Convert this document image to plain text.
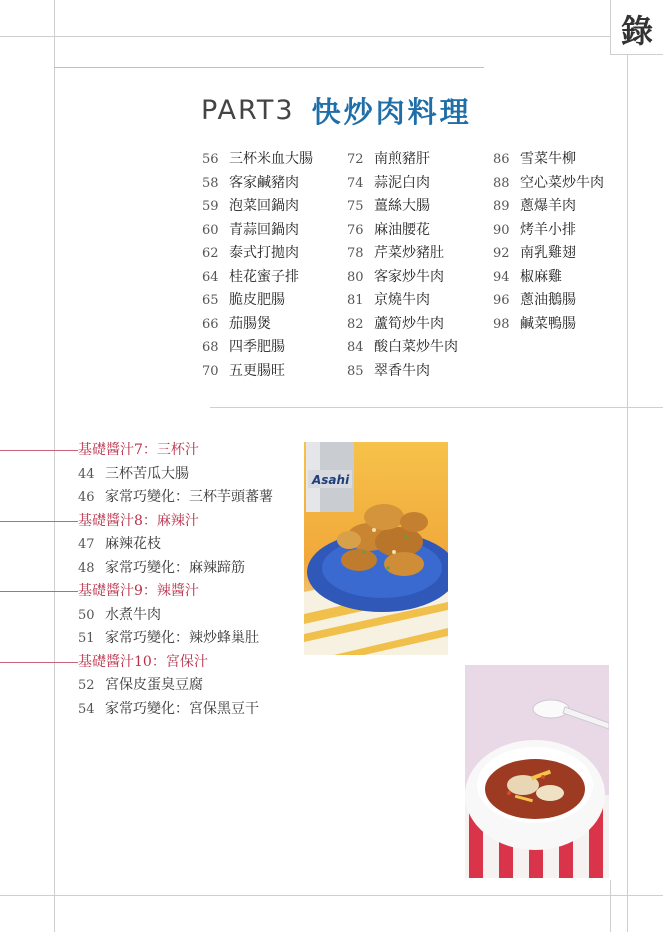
錄
PART3 快炒肉料理
56 三杯米血大腸
58 客家鹹豬肉
59 泡菜回鍋肉
60 青蒜回鍋肉
62 泰式打拋肉
64 桂花蜜子排
65 脆皮肥腸
66 茄腸煲
68 四季肥腸
70 五更腸旺
72 南煎豬肝
74 蒜泥白肉
75 薑絲大腸
76 麻油腰花
78 芹菜炒豬肚
80 客家炒牛肉
81 京燒牛肉
82 蘆筍炒牛肉
84 酸白菜炒牛肉
85 翠香牛肉
86 雪菜牛柳
88 空心菜炒牛肉
89 蔥爆羊肉
90 烤羊小排
92 南乳雞翅
94 椒麻雞
96 蔥油鵝腸
98 鹹菜鴨腸
基礎醬汁7：三杯汁
44 三杯苦瓜大腸
46 家常巧變化：三杯芋頭蕃薯
基礎醬汁8：麻辣汁
47 麻辣花枝
48 家常巧變化：麻辣蹄筋
基礎醬汁9：辣醬汁
50 水煮牛肉
51 家常巧變化：辣炒蜂巢肚
基礎醬汁10：宮保汁
52 宮保皮蛋臭豆腐
54 家常巧變化：宮保黑豆干
Asahi
